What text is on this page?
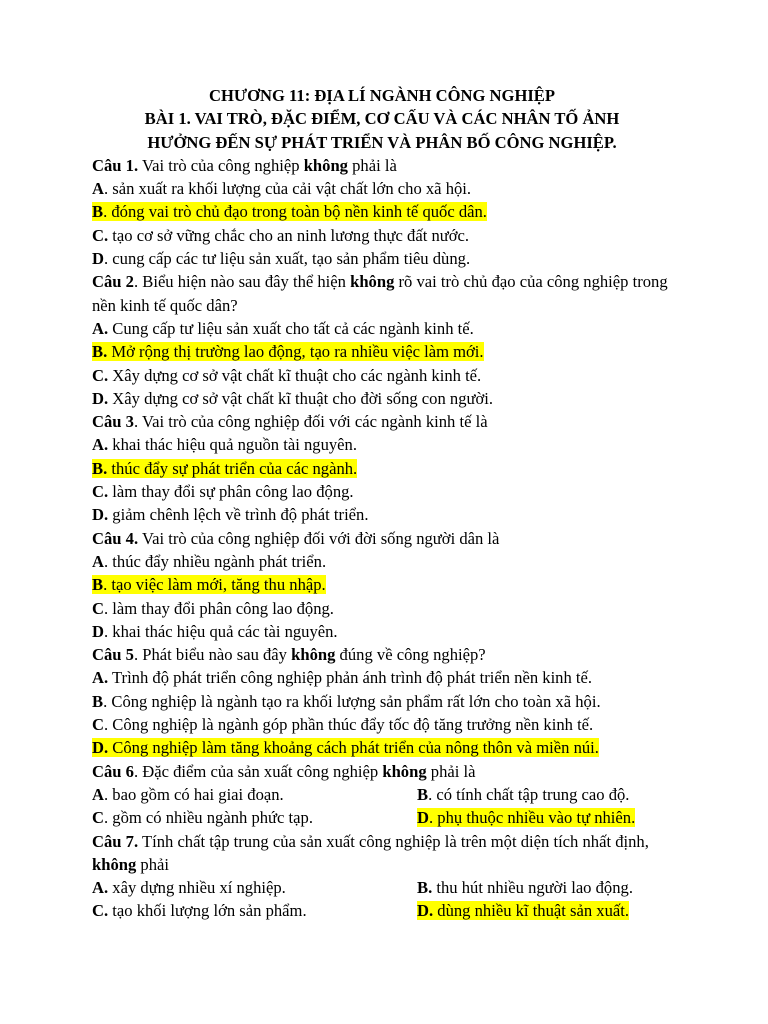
CHƯƠNG 11: ĐỊA LÍ NGÀNH CÔNG NGHIỆP
BÀI 1. VAI TRÒ, ĐẶC ĐIỂM, CƠ CẤU VÀ CÁC NHÂN TỐ ẢNH
HƯỞNG ĐẾN SỰ PHÁT TRIỂN VÀ PHÂN BỐ CÔNG NGHIỆP.
Câu 1. Vai trò của công nghiệp không phải là
A. sản xuất ra khối lượng của cải vật chất lớn cho xã hội.
B. đóng vai trò chủ đạo trong toàn bộ nền kinh tế quốc dân.
C. tạo cơ sở vững chắc cho an ninh lương thực đất nước.
D. cung cấp các tư liệu sản xuất, tạo sản phẩm tiêu dùng.
Câu 2. Biểu hiện nào sau đây thể hiện không rõ vai trò chủ đạo của công nghiệp trong nền kinh tế quốc dân?
A. Cung cấp tư liệu sản xuất cho tất cả các ngành kinh tế.
B. Mở rộng thị trường lao động, tạo ra nhiều việc làm mới.
C. Xây dựng cơ sở vật chất kĩ thuật cho các ngành kinh tế.
D. Xây dựng cơ sở vật chất kĩ thuật cho đời sống con người.
Câu 3. Vai trò của công nghiệp đối với các ngành kinh tế là
A. khai thác hiệu quả nguồn tài nguyên.
B. thúc đẩy sự phát triển của các ngành.
C. làm thay đổi sự phân công lao động.
D. giảm chênh lệch về trình độ phát triển.
Câu 4. Vai trò của công nghiệp đối với đời sống người dân là
A. thúc đẩy nhiều ngành phát triển.
B. tạo việc làm mới, tăng thu nhập.
C. làm thay đổi phân công lao động.
D. khai thác hiệu quả các tài nguyên.
Câu 5. Phát biểu nào sau đây không đúng về công nghiệp?
A. Trình độ phát triển công nghiệp phản ánh trình độ phát triển nền kinh tế.
B. Công nghiệp là ngành tạo ra khối lượng sản phẩm rất lớn cho toàn xã hội.
C. Công nghiệp là ngành góp phần thúc đẩy tốc độ tăng trưởng nền kinh tế.
D. Công nghiệp làm tăng khoảng cách phát triển của nông thôn và miền núi.
Câu 6. Đặc điểm của sản xuất công nghiệp không phải là
A. bao gồm có hai giai đoạn.	B. có tính chất tập trung cao độ.
C. gồm có nhiều ngành phức tạp.	D. phụ thuộc nhiều vào tự nhiên.
Câu 7. Tính chất tập trung của sản xuất công nghiệp là trên một diện tích nhất định, không phải
A. xây dựng nhiều xí nghiệp.	B. thu hút nhiều người lao động.
C. tạo khối lượng lớn sản phẩm.	D. dùng nhiều kĩ thuật sản xuất.
